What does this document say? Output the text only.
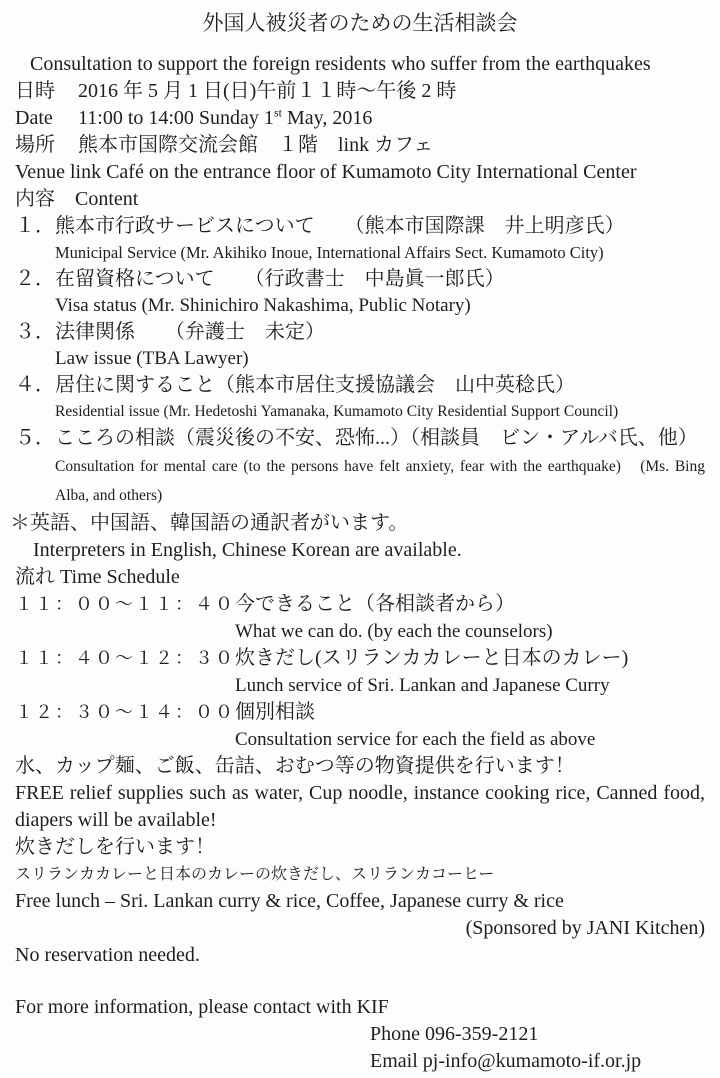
外国人被災者のための生活相談会
Consultation to support the foreign residents who suffer from the earthquakes
日時	2016 年 5 月 1 日(日)午前１１時～午後 2 時
Date	11:00 to 14:00 Sunday 1st May, 2016
場所	熊本市国際交流会館　１階　link カフェ
Venue link Café on the entrance floor of Kumamoto City International Center
内容	Content
１．熊本市行政サービスについて　　（熊本市国際課　井上明彦氏）
Municipal Service (Mr. Akihiko Inoue, International Affairs Sect. Kumamoto City)
２．在留資格について　　（行政書士　中島眞一郎氏）
Visa status (Mr. Shinichiro Nakashima, Public Notary)
３．法律関係　　（弁護士　未定）
Law issue (TBA Lawyer)
４．居住に関すること（熊本市居住支援協議会　山中英稔氏）
Residential issue (Mr. Hedetoshi Yamanaka, Kumamoto City Residential Support Council)
５．こころの相談（震災後の不安、恐怖...）（相談員　ビン・アルバ氏、他）
Consultation for mental care (to the persons have felt anxiety, fear with the earthquake)　(Ms. Bing Alba, and others)
＊英語、中国語、韓国語の通訳者がいます。
Interpreters in English, Chinese Korean are available.
流れ Time Schedule
１１：００～１１：４０ 今できること（各相談者から）
What we can do. (by each the counselors)
１１：４０～１２：３０ 炊きだし(スリランカカレーと日本のカレー)
Lunch service of Sri. Lankan and Japanese Curry
１２：３０～１４：００ 個別相談
Consultation service for each the field as above
水、カップ麺、ご飯、缶詰、おむつ等の物資提供を行います！
FREE relief supplies such as water, Cup noodle, instance cooking rice, Canned food, diapers will be available!
炊きだしを行います！
スリランカカレーと日本のカレーの炊きだし、スリランカコーヒー
Free lunch – Sri. Lankan curry & rice, Coffee, Japanese curry & rice
(Sponsored by JANI Kitchen)
No reservation needed.
For more information, please contact with KIF
Phone 096-359-2121
Email pj-info@kumamoto-if.or.jp
